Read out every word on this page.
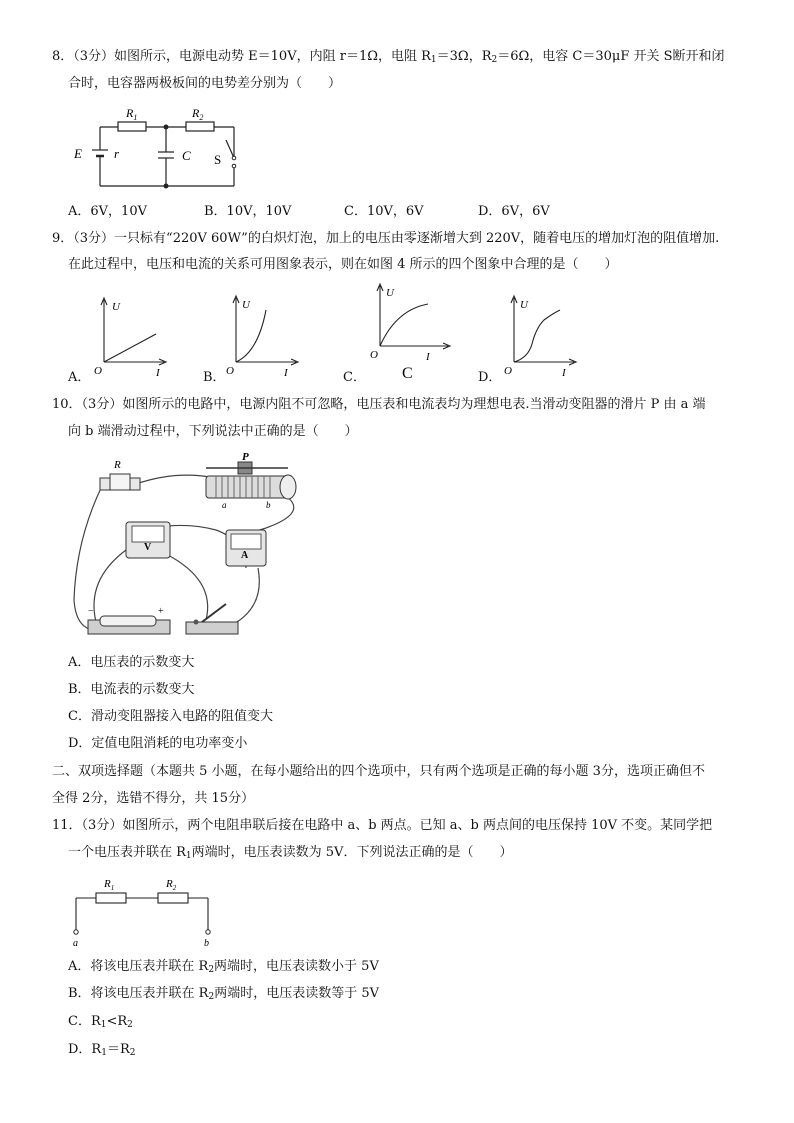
8．（3分）如图所示，电源电动势 E＝10V，内阻 r＝1Ω，电阻 $R_1=3\Omega$，$R_2=6\Omega$，电容 C＝30μF 开关 S断开和闭
合时，电容器两极板间的电势差分别为（　　）
$R_1$	$R_2$
E r	C S
A．6V，10V	B．10V，10V	C．10V，6V	D．6V，6V
9．（3分）一只标有“220V 60W”的白炽灯泡，加上的电压由零逐渐增大到 220V，随着电压的增加灯泡的阻值增加.
在此过程中，电压和电流的关系可用图象表示，则在如图 4 所示的四个图象中合理的是（　　）
A．
U
O	I	B．
U
O	I	C．
U
O	I
C	D．
U
O	I
10．（3分）如图所示的电路中，电源内阻不可忽略，电压表和电流表均为理想电表.当滑动变阻器的滑片 P 由 a 端
向 b 端滑动过程中，下列说法中正确的是（　　）
R
P
a	b
V
A
−	+
A．电压表的示数变大
B．电流表的示数变大
C．滑动变阻器接入电路的阻值变大
D．定值电阻消耗的电功率变小
二、双项选择题（本题共 5 小题，在每小题给出的四个选项中，只有两个选项是正确的每小题 3分，选项正确但不
全得 2分，选错不得分，共 15分）
11．（3分）如图所示，两个电阻串联后接在电路中 a、b 两点。已知 a、b 两点间的电压保持 10V 不变。某同学把
一个电压表并联在 $R_1$两端时，电压表读数为 5V．下列说法正确的是（　　）
$R_1$	$R_2$
a	b
A．将该电压表并联在 $R_2$两端时，电压表读数小于 5V
B．将该电压表并联在 $R_2$两端时，电压表读数等于 5V
C．$R_1<R_2$
D．$R_1=R_2$
